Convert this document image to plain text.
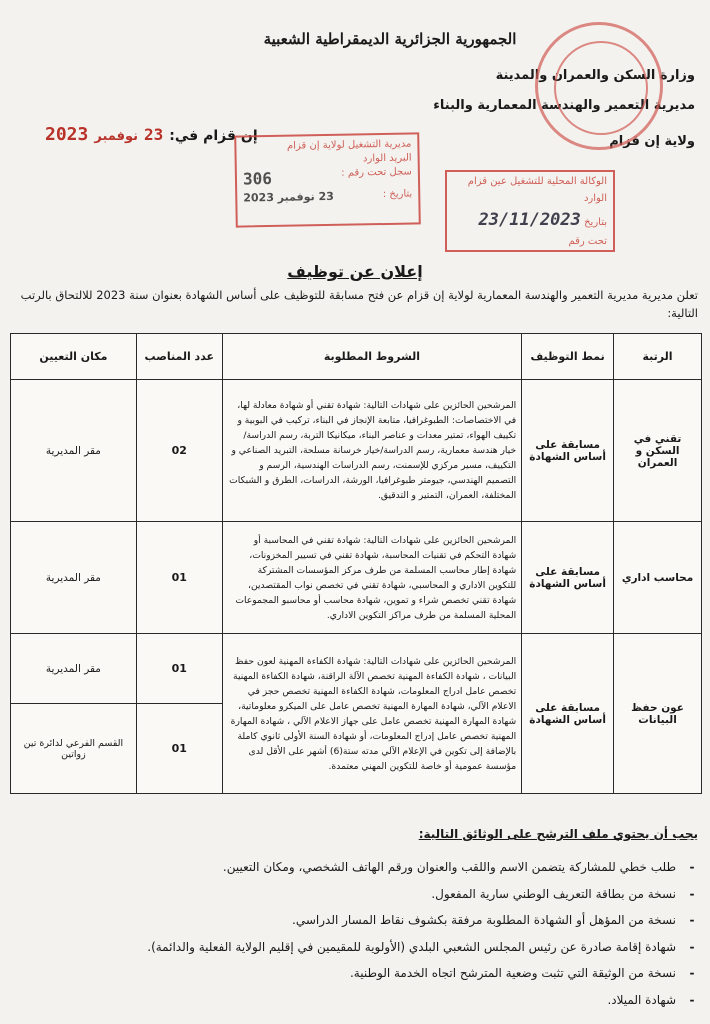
الجمهورية الجزائرية الديمقراطية الشعبية
وزارة السكن والعمران والمدينة
مديرية التعمير والهندسة المعمارية والبناء
ولاية إن قزام
إن قزام في:
23
نوفمبر
2023
مديرية التشغيل لولاية إن قزام
البريد الوارد
سجل تحت رقم :
306
بتاريخ :
23 نوفمبر 2023
الوكالة المحلية للتشغيل عين قزام
الوارد
بتاريخ 23/11/2023
تحت رقم
إعلان عن توظيف
تعلن مديرية مديرية التعمير والهندسة المعمارية لولاية إن قزام عن فتح مسابقة للتوظيف على أساس الشهادة بعنوان سنة 2023 للالتحاق بالرتب التالية:
الرتبة	نمط التوظيف	الشروط المطلوبة	عدد المناصب	مكان التعيين
تقني في السكن و العمران	مسابقة على أساس الشهادة	المرشحين الحائزين على شهادات التالية: شهادة تقني أو شهادة معادلة لها، في الاختصاصات: الطبوغرافيا، متابعة الإنجاز في البناء، تركيب في البوبية و تكييف الهواء، تمتير معدات و عناصر البناء، ميكانيكا التربة، رسم الدراسة/خيار هندسة معمارية، رسم الدراسة/خيار خرسانة مسلحة، التبريد الصناعي و التكييف، مسير مركزي للإسمنت، رسم الدراسات الهندسية، الرسم و التصميم الهندسي، جيومتر طبوغرافيا، الورشة، الدراسات، الطرق و الشبكات المختلفة، العمران، التمتير و التدقيق.	02	مقر المديرية
محاسب اداري	مسابقة على أساس الشهادة	المرشحين الحائزين على شهادات التالية: شهادة تقني في المحاسبة أو شهادة التحكم في تقنيات المحاسبة، شهادة تقني في تسيير المخزونات، شهادة إطار محاسب المسلمة من طرف مركز المؤسسات المشتركة للتكوين الاداري و المحاسبي، شهادة تقني في تخصص نواب المقتصدين، شهادة تقني تخصص شراء و تموين، شهادة محاسب أو محاسبو المجموعات المحلية المسلمة من طرف مراكز التكوين الاداري.	01	مقر المديرية
عون حفظ البيانات	مسابقة على أساس الشهادة	المرشحين الحائزين على شهادات التالية: شهادة الكفاءة المهنية لعون حفظ البيانات ، شهادة الكفاءة المهنية تخصص الآلة الراقنة، شهادة الكفاءة المهنية تخصص عامل ادراج المعلومات، شهادة الكفاءة المهنية تخصص حجز في الاعلام الآلي، شهادة المهارة المهنية تخصص عامل على الميكرو معلوماتية، شهادة المهارة المهنية تخصص عامل على جهاز الاعلام الآلي ، شهادة المهارة المهنية تخصص عامل إدراج المعلومات، أو شهادة السنة الأولى ثانوي كاملة بالإضافة إلى تكوين في الإعلام الآلي مدته ستة(6) أشهر على الأقل لدى مؤسسة عمومية أو خاصة للتكوين المهني معتمدة.	01	مقر المديرية
			01	القسم الفرعي لدائرة تين زواتين
يجب أن يحتوي ملف الترشح على الوثائق التالية:
-
طلب خطي للمشاركة يتضمن الاسم واللقب والعنوان ورقم الهاتف الشخصي، ومكان التعيين.
-
نسخة من بطاقة التعريف الوطني سارية المفعول.
-
نسخة من المؤهل أو الشهادة المطلوبة مرفقة بكشوف نقاط المسار الدراسي.
-
شهادة إقامة صادرة عن رئيس المجلس الشعبي البلدي (الأولوية للمقيمين في إقليم الولاية الفعلية والدائمة).
-
نسخة من الوثيقة التي تثبت وضعية المترشح اتجاه الخدمة الوطنية.
-
شهادة الميلاد.
